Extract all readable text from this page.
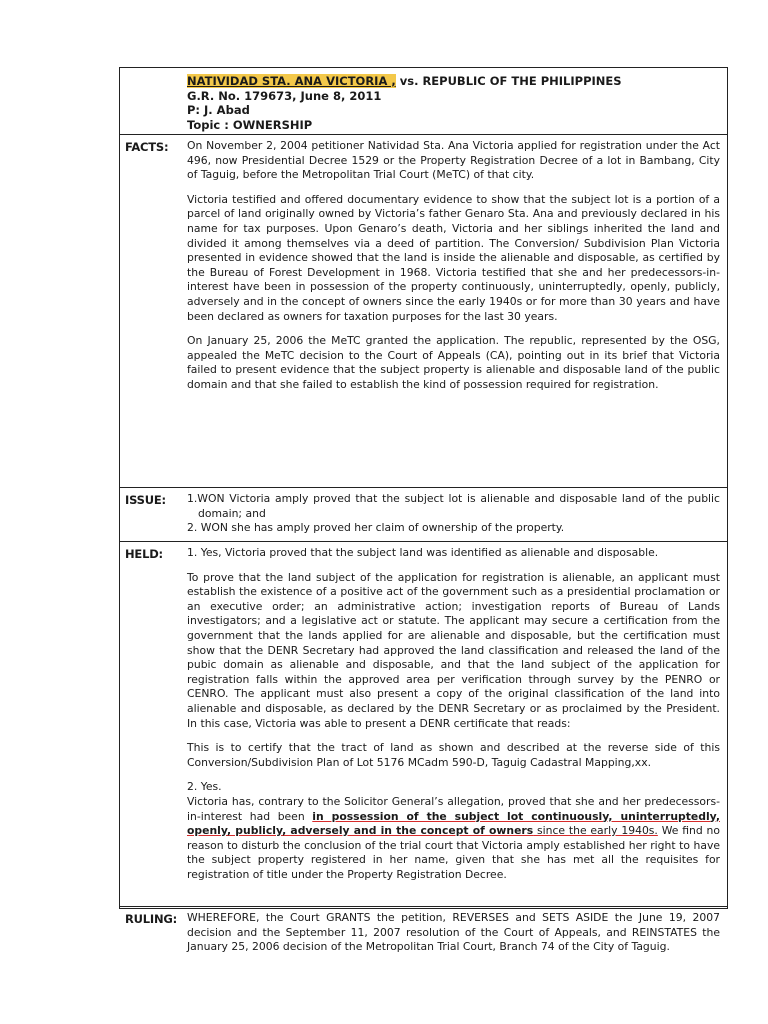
NATIVIDAD STA. ANA VICTORIA , vs. REPUBLIC OF THE PHILIPPINES
G.R. No. 179673, June 8, 2011
P: J. Abad
Topic : OWNERSHIP
FACTS: On November 2, 2004 petitioner Natividad Sta. Ana Victoria applied for registration under the Act 496, now Presidential Decree 1529 or the Property Registration Decree of a lot in Bambang, City of Taguig, before the Metropolitan Trial Court (MeTC) of that city.

Victoria testified and offered documentary evidence to show that the subject lot is a portion of a parcel of land originally owned by Victoria’s father Genaro Sta. Ana and previously declared in his name for tax purposes. Upon Genaro’s death, Victoria and her siblings inherited the land and divided it among themselves via a deed of partition. The Conversion/ Subdivision Plan Victoria presented in evidence showed that the land is inside the alienable and disposable, as certified by the Bureau of Forest Development in 1968. Victoria testified that she and her predecessors-in-interest have been in possession of the property continuously, uninterruptedly, openly, publicly, adversely and in the concept of owners since the early 1940s or for more than 30 years and have been declared as owners for taxation purposes for the last 30 years.

On January 25, 2006 the MeTC granted the application. The republic, represented by the OSG, appealed the MeTC decision to the Court of Appeals (CA), pointing out in its brief that Victoria failed to present evidence that the subject property is alienable and disposable land of the public domain and that she failed to establish the kind of possession required for registration.

ISSUE: 1.WON Victoria amply proved that the subject lot is alienable and disposable land of the public domain; and
2. WON she has amply proved her claim of ownership of the property.
HELD: 1. Yes, Victoria proved that the subject land was identified as alienable and disposable.

To prove that the land subject of the application for registration is alienable, an applicant must establish the existence of a positive act of the government such as a presidential proclamation or an executive order; an administrative action; investigation reports of Bureau of Lands investigators; and a legislative act or statute. The applicant may secure a certification from the government that the lands applied for are alienable and disposable, but the certification must show that the DENR Secretary had approved the land classification and released the land of the pubic domain as alienable and disposable, and that the land subject of the application for registration falls within the approved area per verification through survey by the PENRO or CENRO. The applicant must also present a copy of the original classification of the land into alienable and disposable, as declared by the DENR Secretary or as proclaimed by the President. In this case, Victoria was able to present a DENR certificate that reads:

This is to certify that the tract of land as shown and described at the reverse side of this Conversion/Subdivision Plan of Lot 5176 MCadm 590-D, Taguig Cadastral Mapping,xx.

2. Yes.
Victoria has, contrary to the Solicitor General’s allegation, proved that she and her predecessors-in-interest had been in possession of the subject lot continuously, uninterruptedly, openly, publicly, adversely and in the concept of owners since the early 1940s. We find no reason to disturb the conclusion of the trial court that Victoria amply established her right to have the subject property registered in her name, given that she has met all the requisites for registration of title under the Property Registration Decree.

RULING: WHEREFORE, the Court GRANTS the petition, REVERSES and SETS ASIDE the June 19, 2007 decision and the September 11, 2007 resolution of the Court of Appeals, and REINSTATES the January 25, 2006 decision of the Metropolitan Trial Court, Branch 74 of the City of Taguig.
